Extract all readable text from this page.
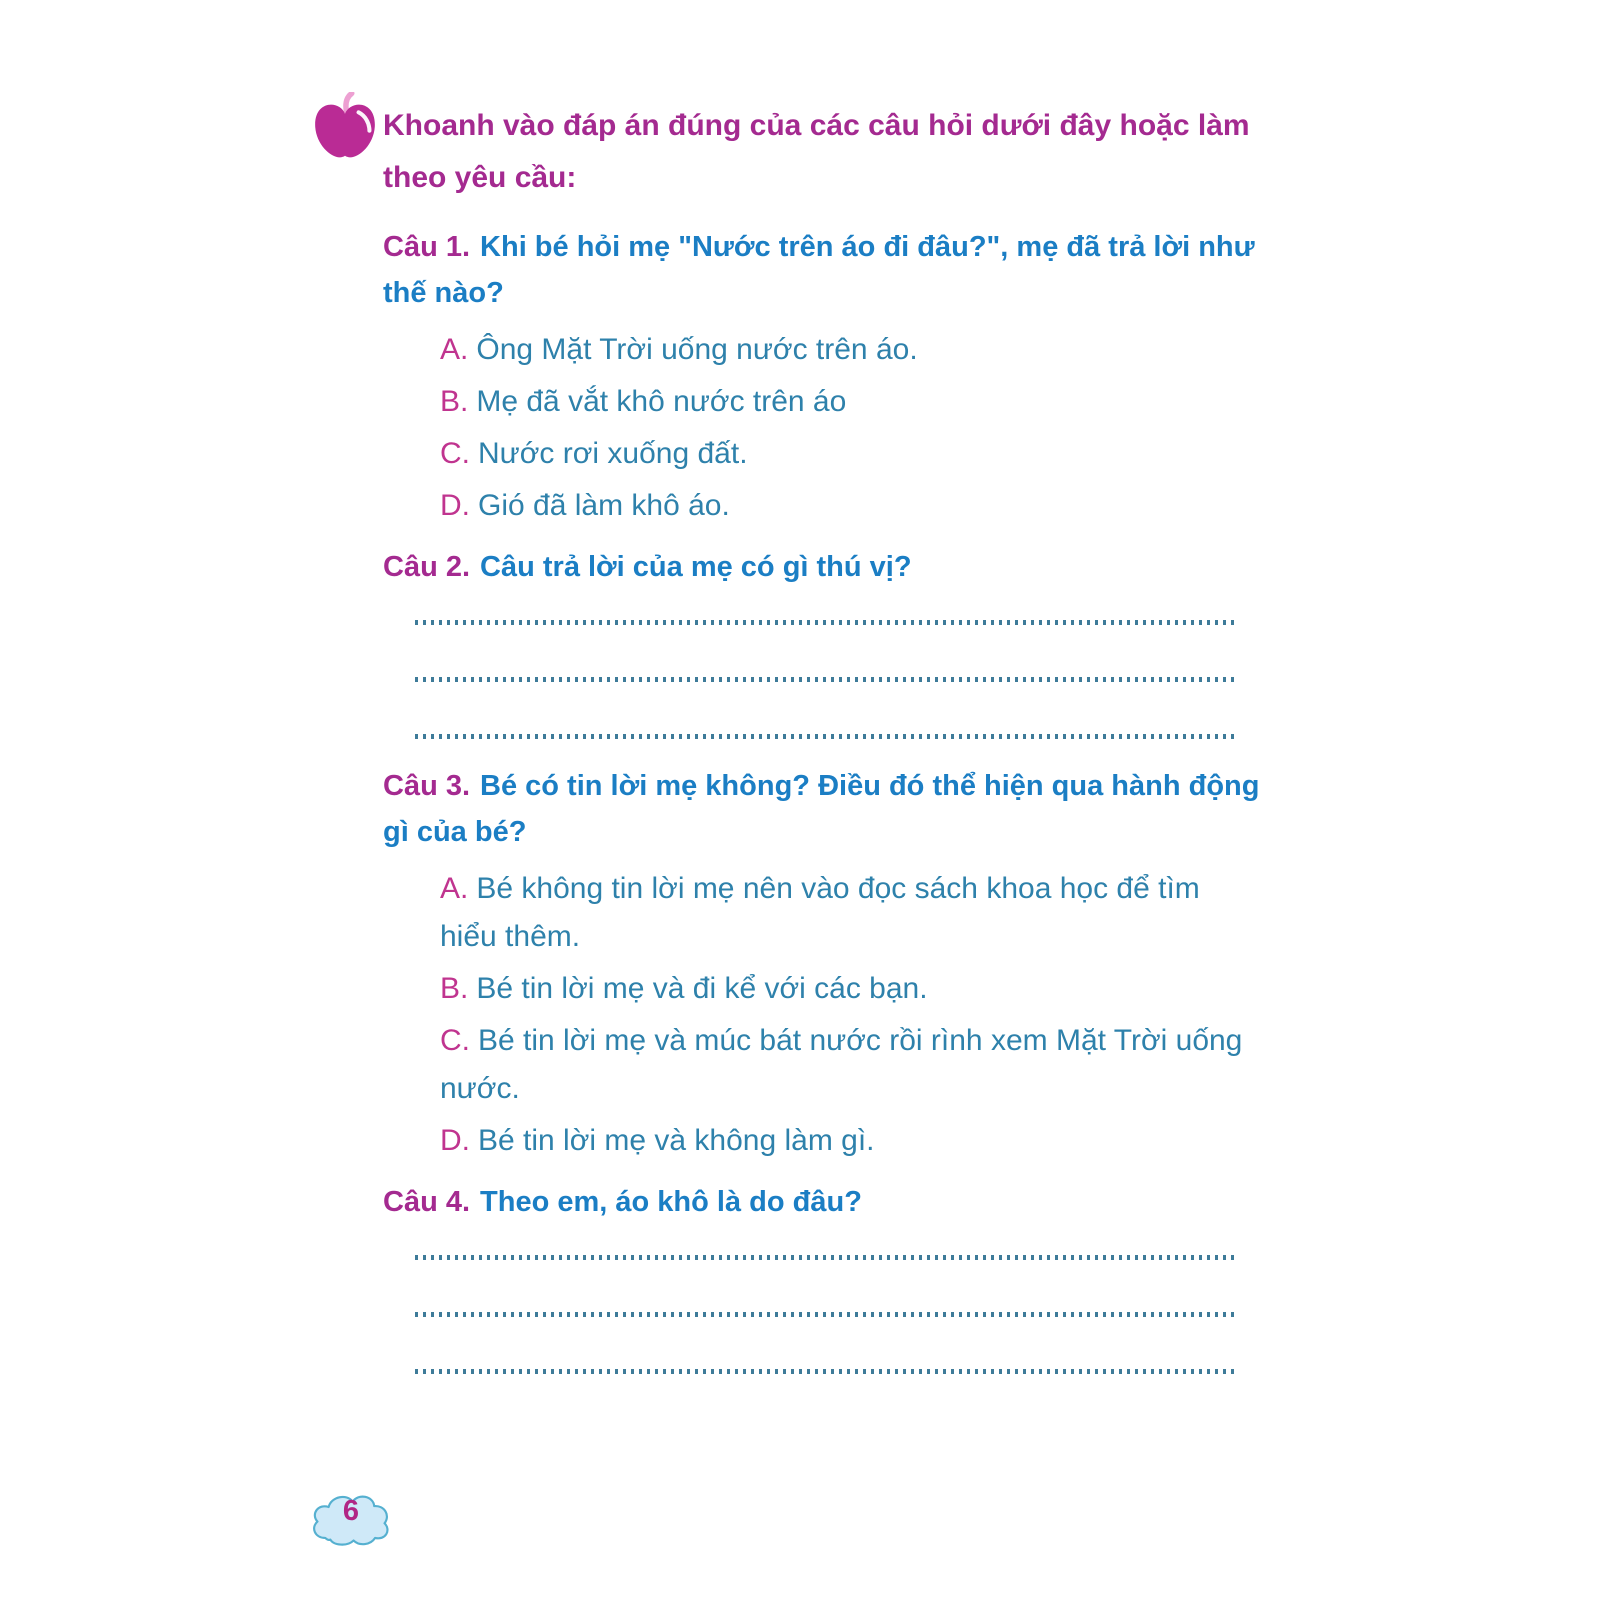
Khoanh vào đáp án đúng của các câu hỏi dưới đây hoặc làm theo yêu cầu:

Câu 1. Khi bé hỏi mẹ "Nước trên áo đi đâu?", mẹ đã trả lời như thế nào?

A. Ông Mặt Trời uống nước trên áo.

B. Mẹ đã vắt khô nước trên áo

C. Nước rơi xuống đất.

D. Gió đã làm khô áo.

Câu 2. Câu trả lời của mẹ có gì thú vị?

Câu 3. Bé có tin lời mẹ không? Điều đó thể hiện qua hành động gì của bé?

A. Bé không tin lời mẹ nên vào đọc sách khoa học để tìm hiểu thêm.

B. Bé tin lời mẹ và đi kể với các bạn.

C. Bé tin lời mẹ và múc bát nước rồi rình xem Mặt Trời uống nước.

D. Bé tin lời mẹ và không làm gì.

Câu 4. Theo em, áo khô là do đâu?

6
